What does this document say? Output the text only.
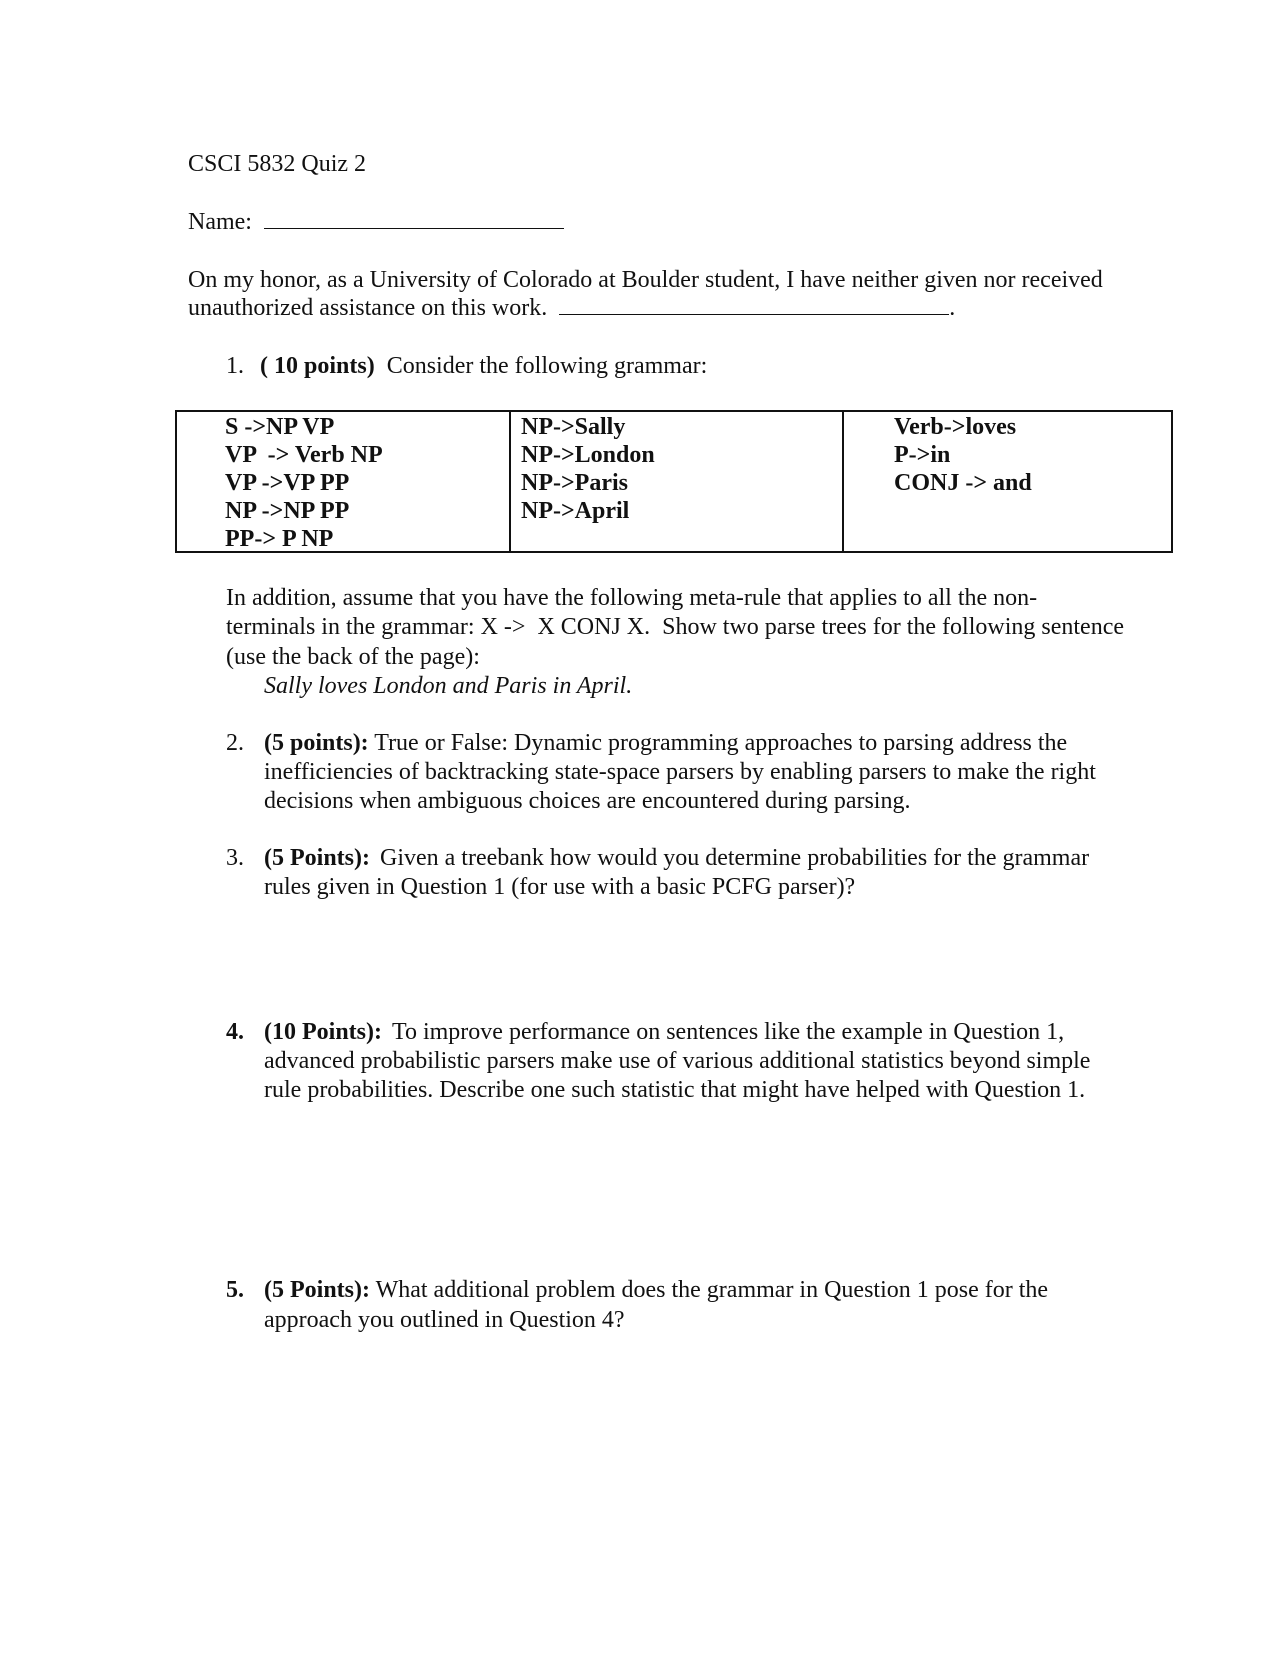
CSCI 5832 Quiz 2
Name:
On my honor, as a University of Colorado at Boulder student, I have neither given nor received
unauthorized assistance on this work.	.
1. ( 10 points) Consider the following grammar:
S ->NP VP
VP  -> Verb NP
VP ->VP PP
NP ->NP PP
PP-> P NP
NP->Sally
NP->London
NP->Paris
NP->April
Verb->loves
P->in
CONJ -> and
In addition, assume that you have the following meta-rule that applies to all the non-
terminals in the grammar: X ->  X CONJ X.  Show two parse trees for the following sentence
(use the back of the page):
Sally loves London and Paris in April.
2. (5 points): True or False: Dynamic programming approaches to parsing address the
inefficiencies of backtracking state-space parsers by enabling parsers to make the right
decisions when ambiguous choices are encountered during parsing.
3. (5 Points): Given a treebank how would you determine probabilities for the grammar
rules given in Question 1 (for use with a basic PCFG parser)?
4. (10 Points): To improve performance on sentences like the example in Question 1,
advanced probabilistic parsers make use of various additional statistics beyond simple
rule probabilities. Describe one such statistic that might have helped with Question 1.
5. (5 Points): What additional problem does the grammar in Question 1 pose for the
approach you outlined in Question 4?
